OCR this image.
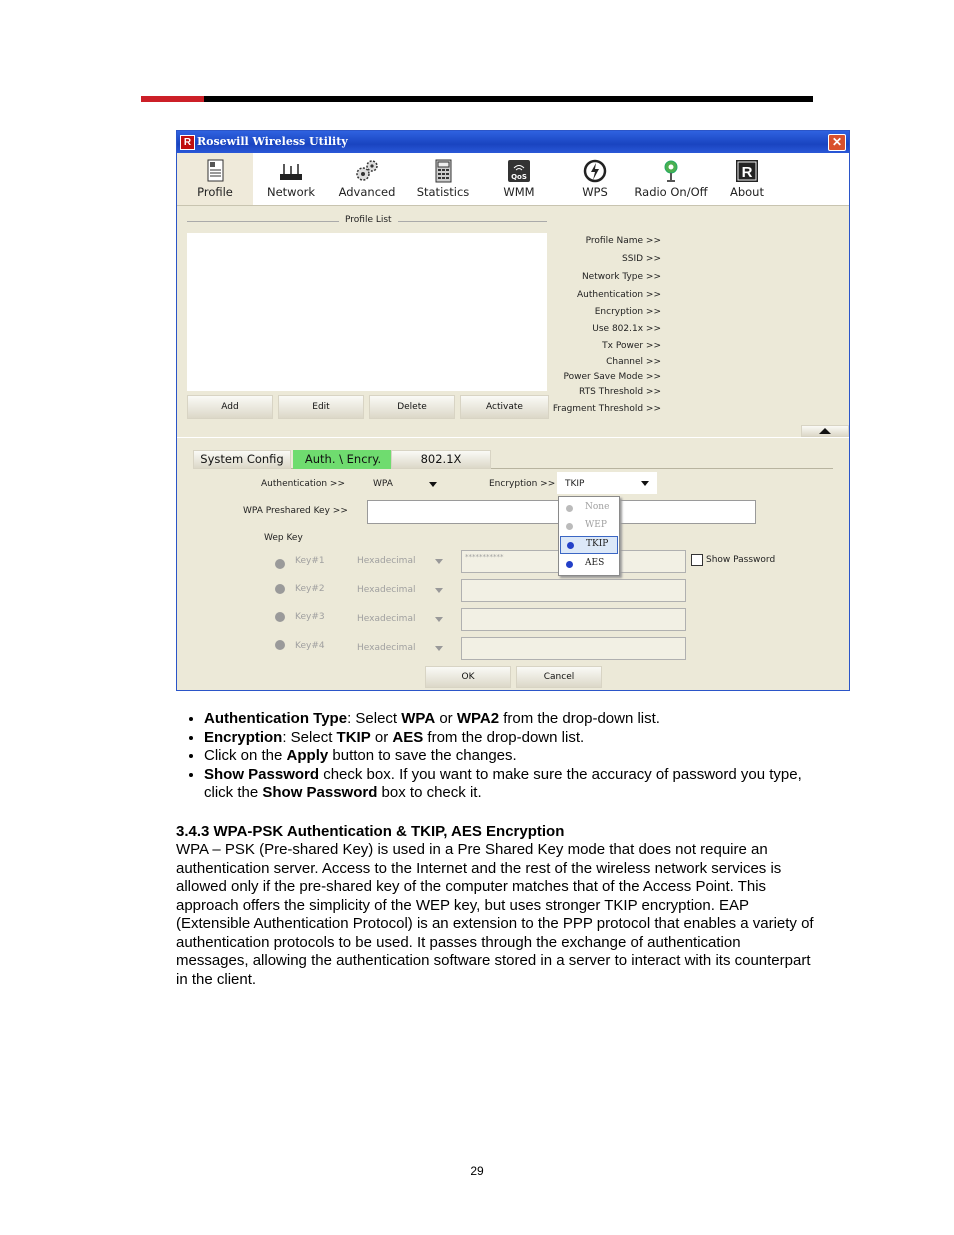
R Rosewill Wireless Utility	✕
Profile	Network	Advanced	Statistics
QoS
WMM	WPS	Radio On/Off
R
About
Profile List
Add	Edit	Delete	Activate
Profile Name >>
SSID >>
Network Type >>
Authentication >>
Encryption >>
Use 802.1x >>
Tx Power >>
Channel >>
Power Save Mode >>
RTS Threshold >>
Fragment Threshold >>
System Config	Auth. \ Encry.	802.1X
Authentication >>	WPA	Encryption >> TKIP
WPA Preshared Key >>
Wep Key
Key#1	Hexadecimal	***********
Key#2	Hexadecimal
Key#3	Hexadecimal
Key#4	Hexadecimal
Show Password
OK	Cancel
None
WEP
TKIP
AES
• Authentication Type: Select WPA or WPA2 from the drop-down list.
• Encryption: Select TKIP or AES from the drop-down list.
• Click on the Apply button to save the changes.
• Show Password check box. If you want to make sure the accuracy of password you type, click the Show Password box to check it.
3.4.3 WPA-PSK Authentication & TKIP, AES Encryption
WPA – PSK (Pre-shared Key) is used in a Pre Shared Key mode that does not require an authentication server. Access to the Internet and the rest of the wireless network services is allowed only if the pre-shared key of the computer matches that of the Access Point. This approach offers the simplicity of the WEP key, but uses stronger TKIP encryption. EAP (Extensible Authentication Protocol) is an extension to the PPP protocol that enables a variety of authentication protocols to be used. It passes through the exchange of authentication messages, allowing the authentication software stored in a server to interact with its counterpart in the client.
29
